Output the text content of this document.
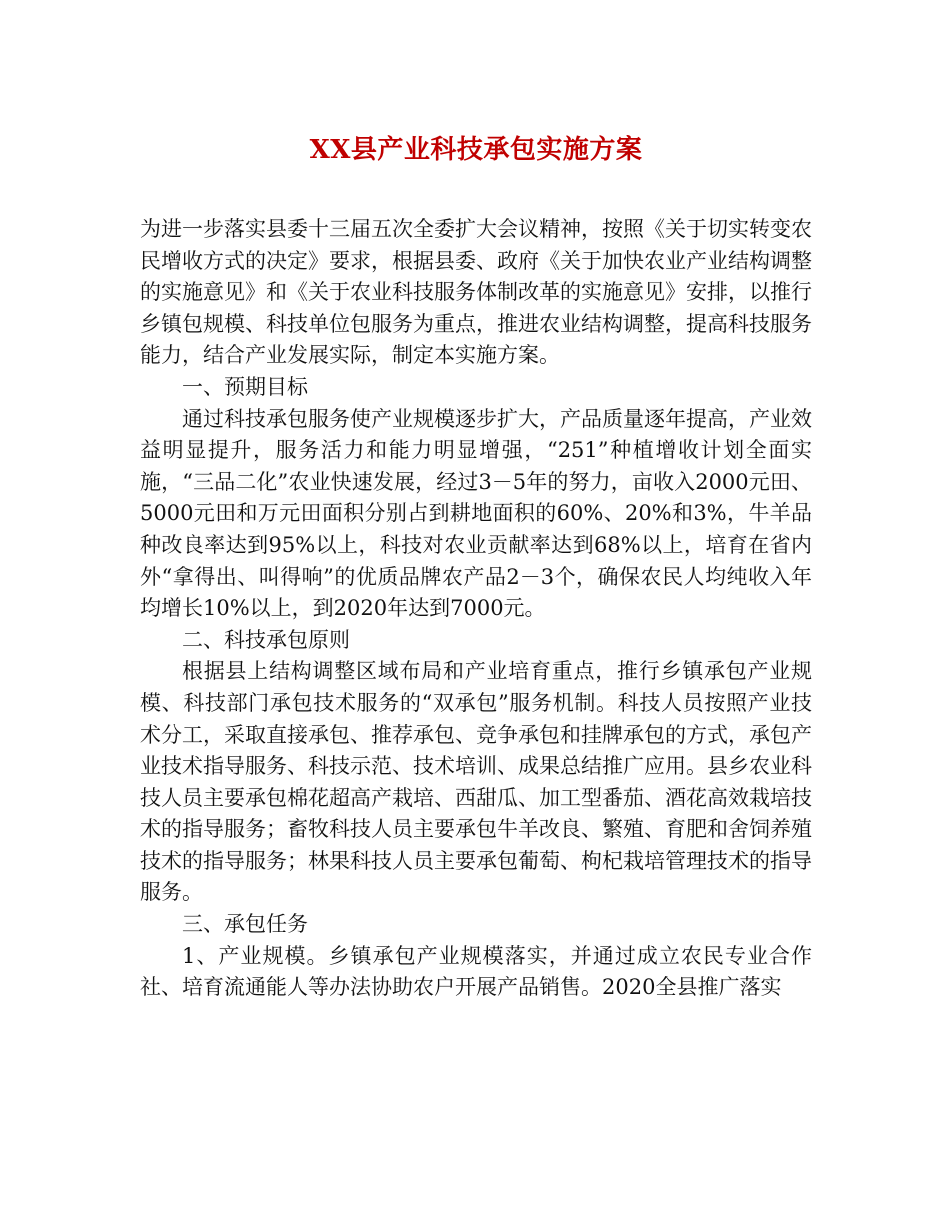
XX县产业科技承包实施方案

为进一步落实县委十三届五次全委扩大会议精神，按照《关于切实转变农民增收方式的决定》要求，根据县委、政府《关于加快农业产业结构调整的实施意见》和《关于农业科技服务体制改革的实施意见》安排，以推行乡镇包规模、科技单位包服务为重点，推进农业结构调整，提高科技服务能力，结合产业发展实际，制定本实施方案。

一、预期目标

通过科技承包服务使产业规模逐步扩大，产品质量逐年提高，产业效益明显提升，服务活力和能力明显增强，“251”种植增收计划全面实施，“三品二化”农业快速发展，经过3－5年的努力，亩收入2000元田、5000元田和万元田面积分别占到耕地面积的60%、20%和3%，牛羊品种改良率达到95%以上，科技对农业贡献率达到68%以上，培育在省内外“拿得出、叫得响”的优质品牌农产品2－3个，确保农民人均纯收入年均增长10%以上，到2020年达到7000元。

二、科技承包原则

根据县上结构调整区域布局和产业培育重点，推行乡镇承包产业规模、科技部门承包技术服务的“双承包”服务机制。科技人员按照产业技术分工，采取直接承包、推荐承包、竞争承包和挂牌承包的方式，承包产业技术指导服务、科技示范、技术培训、成果总结推广应用。县乡农业科技人员主要承包棉花超高产栽培、西甜瓜、加工型番茄、酒花高效栽培技术的指导服务；畜牧科技人员主要承包牛羊改良、繁殖、育肥和舍饲养殖技术的指导服务；林果科技人员主要承包葡萄、枸杞栽培管理技术的指导服务。

三、承包任务

1、产业规模。乡镇承包产业规模落实，并通过成立农民专业合作社、培育流通能人等办法协助农户开展产品销售。2020全县推广落实
